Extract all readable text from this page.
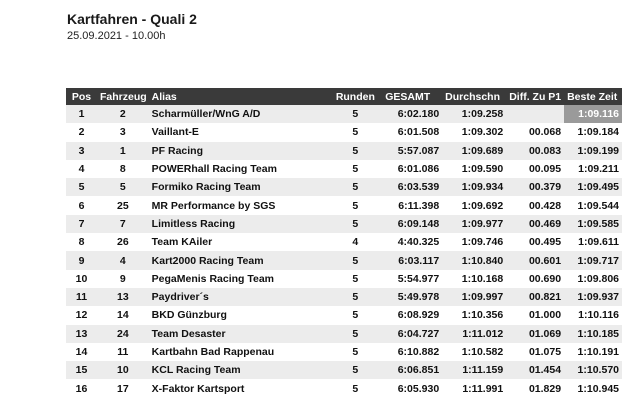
Kartfahren - Quali 2
25.09.2021 - 10.00h
Pos	Fahrzeug	Alias	Runden	GESAMT	Durchschn	Diff. Zu P1	Beste Zeit
1	2	Scharmüller/WnG A/D	5	6:02.180	1:09.258		1:09.116
2	3	Vaillant-E	5	6:01.508	1:09.302	00.068	1:09.184
3	1	PF Racing	5	5:57.087	1:09.689	00.083	1:09.199
4	8	POWERhall Racing Team	5	6:01.086	1:09.590	00.095	1:09.211
5	5	Formiko Racing Team	5	6:03.539	1:09.934	00.379	1:09.495
6	25	MR Performance by SGS	5	6:11.398	1:09.692	00.428	1:09.544
7	7	Limitless Racing	5	6:09.148	1:09.977	00.469	1:09.585
8	26	Team KAiler	4	4:40.325	1:09.746	00.495	1:09.611
9	4	Kart2000 Racing Team	5	6:03.117	1:10.840	00.601	1:09.717
10	9	PegaMenis Racing Team	5	5:54.977	1:10.168	00.690	1:09.806
11	13	Paydriver´s	5	5:49.978	1:09.997	00.821	1:09.937
12	14	BKD Günzburg	5	6:08.929	1:10.356	01.000	1:10.116
13	24	Team Desaster	5	6:04.727	1:11.012	01.069	1:10.185
14	11	Kartbahn Bad Rappenau	5	6:10.882	1:10.582	01.075	1:10.191
15	10	KCL Racing Team	5	6:06.851	1:11.159	01.454	1:10.570
16	17	X-Faktor Kartsport	5	6:05.930	1:11.991	01.829	1:10.945
